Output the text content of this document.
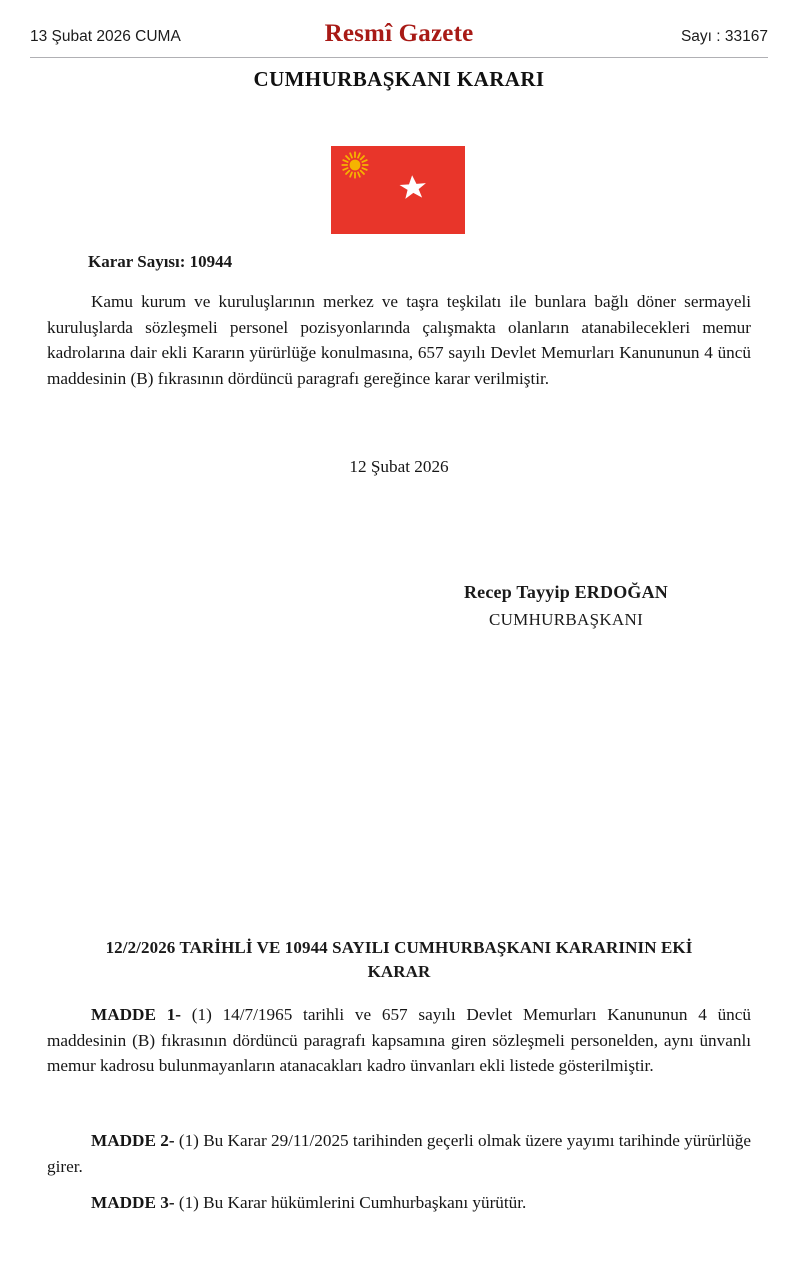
13 Şubat 2026 CUMA	Resmî Gazete	Sayı : 33167
CUMHURBAŞKANI KARARI
Karar Sayısı: 10944

Kamu kurum ve kuruluşlarının merkez ve taşra teşkilatı ile bunlara bağlı döner sermayeli kuruluşlarda sözleşmeli personel pozisyonlarında çalışmakta olanların atanabilecekleri memur kadrolarına dair ekli Kararın yürürlüğe konulmasına, 657 sayılı Devlet Memurları Kanununun 4 üncü maddesinin (B) fıkrasının dördüncü paragrafı gereğince karar verilmiştir.

12 Şubat 2026
Recep Tayyip ERDOĞAN
CUMHURBAŞKANI
12/2/2026 TARİHLİ VE 10944 SAYILI CUMHURBAŞKANI KARARININ EKİ
KARAR

MADDE 1- (1) 14/7/1965 tarihli ve 657 sayılı Devlet Memurları Kanununun 4 üncü maddesinin (B) fıkrasının dördüncü paragrafı kapsamına giren sözleşmeli personelden, aynı ünvanlı memur kadrosu bulunmayanların atanacakları kadro ünvanları ekli listede gösterilmiştir.

MADDE 2- (1) Bu Karar 29/11/2025 tarihinden geçerli olmak üzere yayımı tarihinde yürürlüğe girer.

MADDE 3- (1) Bu Karar hükümlerini Cumhurbaşkanı yürütür.
